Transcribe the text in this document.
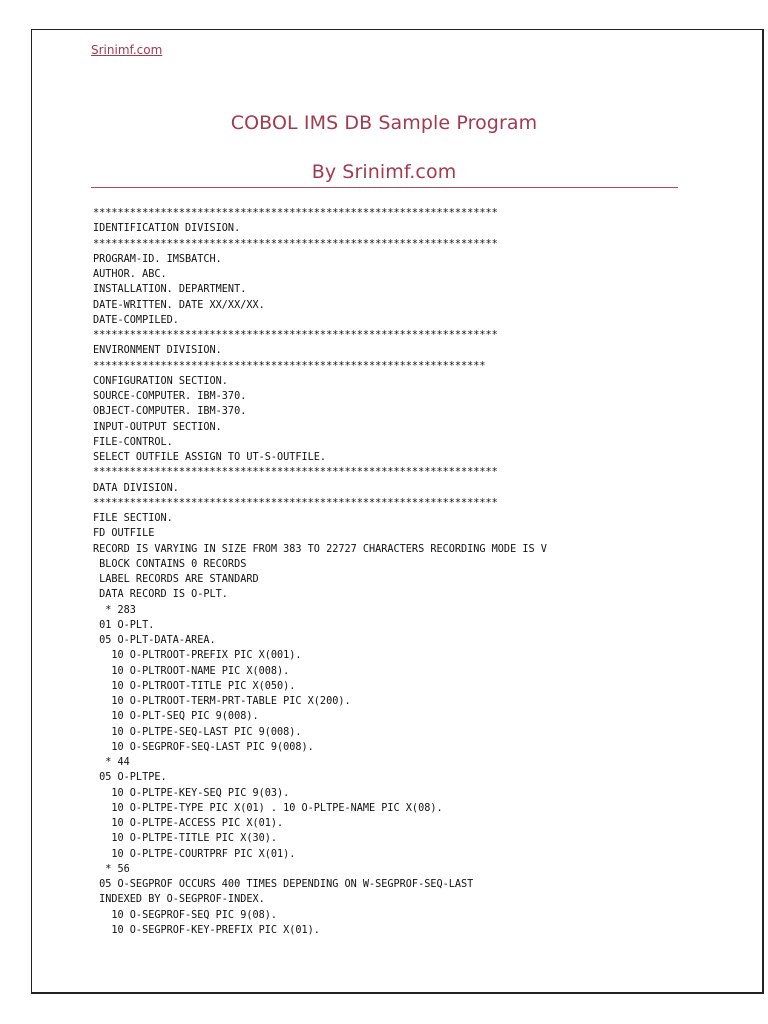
Srinimf.com
COBOL IMS DB Sample Program
By Srinimf.com
******************************************************************
IDENTIFICATION DIVISION.
******************************************************************
PROGRAM-ID. IMSBATCH.
AUTHOR. ABC.
INSTALLATION. DEPARTMENT.
DATE-WRITTEN. DATE XX/XX/XX.
DATE-COMPILED.
******************************************************************
ENVIRONMENT DIVISION.
****************************************************************
CONFIGURATION SECTION.
SOURCE-COMPUTER. IBM-370.
OBJECT-COMPUTER. IBM-370.
INPUT-OUTPUT SECTION.
FILE-CONTROL.
SELECT OUTFILE ASSIGN TO UT-S-OUTFILE.
******************************************************************
DATA DIVISION.
******************************************************************
FILE SECTION.
FD OUTFILE
RECORD IS VARYING IN SIZE FROM 383 TO 22727 CHARACTERS RECORDING MODE IS V
BLOCK CONTAINS 0 RECORDS
LABEL RECORDS ARE STANDARD
DATA RECORD IS O-PLT.
* 283
01 O-PLT.
05 O-PLT-DATA-AREA.
10 O-PLTROOT-PREFIX PIC X(001).
10 O-PLTROOT-NAME PIC X(008).
10 O-PLTROOT-TITLE PIC X(050).
10 O-PLTROOT-TERM-PRT-TABLE PIC X(200).
10 O-PLT-SEQ PIC 9(008).
10 O-PLTPE-SEQ-LAST PIC 9(008).
10 O-SEGPROF-SEQ-LAST PIC 9(008).
* 44
05 O-PLTPE.
10 O-PLTPE-KEY-SEQ PIC 9(03).
10 O-PLTPE-TYPE PIC X(01) . 10 O-PLTPE-NAME PIC X(08).
10 O-PLTPE-ACCESS PIC X(01).
10 O-PLTPE-TITLE PIC X(30).
10 O-PLTPE-COURTPRF PIC X(01).
* 56
05 O-SEGPROF OCCURS 400 TIMES DEPENDING ON W-SEGPROF-SEQ-LAST
INDEXED BY O-SEGPROF-INDEX.
10 O-SEGPROF-SEQ PIC 9(08).
10 O-SEGPROF-KEY-PREFIX PIC X(01).
